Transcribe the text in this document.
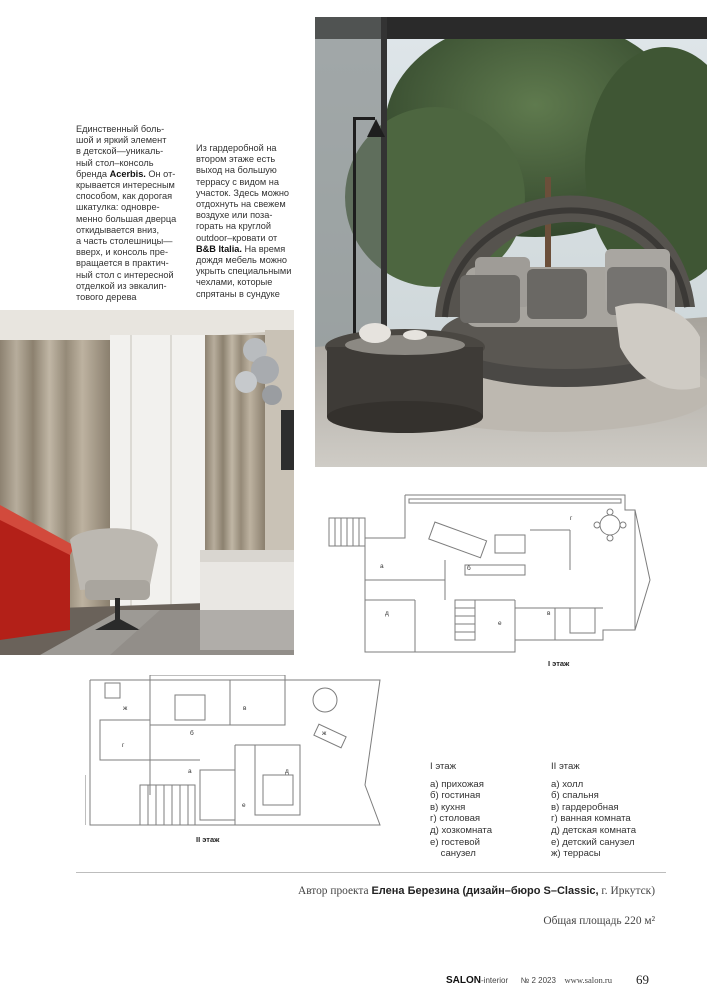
Единственный боль-
шой и яркий элемент
в детской—уникаль-
ный стол–консоль
бренда Acerbis. Он от-
крывается интересным
способом, как дорогая
шкатулка: одновре-
менно большая дверца
откидывается вниз,
а часть столешницы—
вверх, и консоль пре-
вращается в практич-
ный стол с интересной
отделкой из эвкалип-
тового дерева
Из гардеробной на
втором этаже есть
выход на большую
террасу с видом на
участок. Здесь можно
отдохнуть на свежем
воздухе или поза-
горать на круглой
outdoor–кровати от
B&B Italia. На время
дождя мебель можно
укрыть специальными
чехлами, которые
спрятаны в сундуке
а	б
в
г
д
е
I этаж
ж	в
б
г
а	д
е
ж
II этаж
I этаж
а) прихожая
б) гостиная
в) кухня
г) столовая
д) хозкомната
е) гостевой
санузел
II этаж
а) холл
б) спальня
в) гардеробная
г) ванная комната
д) детская комната
е) детский санузел
ж) террасы
Автор проекта Елена Березина (дизайн–бюро S–Classic, г. Иркутск)
Общая площадь 220 м²
SALON-interior № 2 2023 www.salon.ru 69
